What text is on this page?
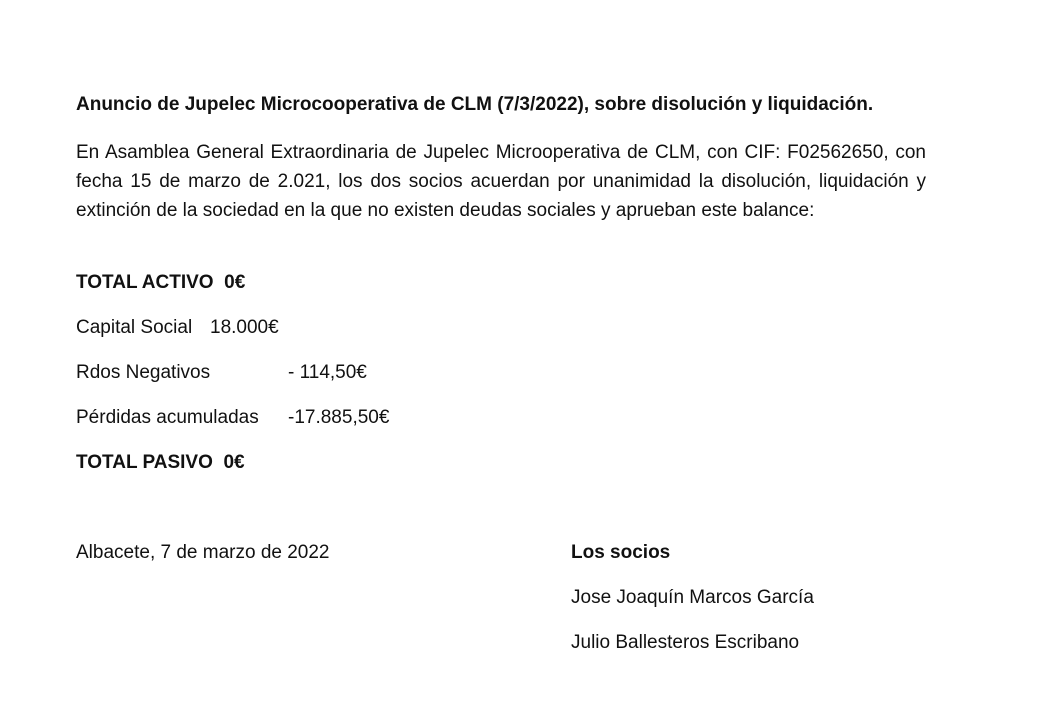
Anuncio de Jupelec Microcooperativa de CLM (7/3/2022), sobre disolución y liquidación.
En Asamblea General Extraordinaria de Jupelec Microoperativa de CLM, con CIF: F02562650, con fecha 15 de marzo de 2.021, los dos socios acuerdan por unanimidad la disolución, liquidación y extinción de la sociedad en la que no existen deudas sociales y aprueban este balance:
TOTAL ACTIVO 0€
Capital Social 18.000€
Rdos Negativos	- 114,50€
Pérdidas acumuladas -17.885,50€
TOTAL PASIVO 0€
Albacete, 7 de marzo de 2022	Los socios
Jose Joaquín Marcos García
Julio Ballesteros Escribano
